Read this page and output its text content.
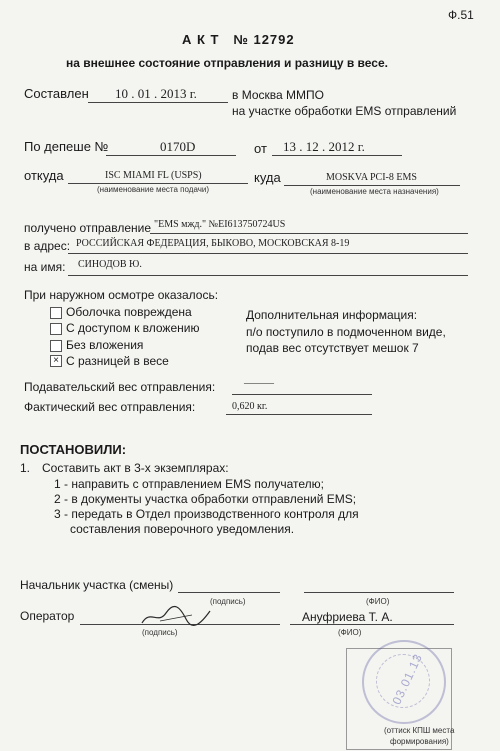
Ф.51
А К Т № 12792
на внешнее состояние отправления и разницу в весе.
Составлен 10 . 01 . 2013 г.	в Москва ММПО
на участке обработки EMS отправлений
По депеше №	0170D	от 13 . 12 . 2012 г.
откуда	ISC MIAMI FL (USPS)
(наименование места подачи)
куда	MOSKVA PCI-8 EMS
(наименование места назначения)
получено отправление "EMS мжд." №EI613750724US
в адрес: РОССИЙСКАЯ ФЕДЕРАЦИЯ, БЫКОВО, МОСКОВСКАЯ 8-19
на имя: СИНОДОВ Ю.
При наружном осмотре оказалось:
Оболочка повреждена
С доступом к вложению
Без вложения
× С разницей в весе
Дополнительная информация:
п/о поступило в подмоченном виде,
подав вес отсутствует мешок 7
Подавательский вес отправления:	———
Фактический вес отправления:	0,620 кг.
ПОСТАНОВИЛИ:
1. Составить акт в 3-х экземплярах:
1 - направить с отправлением EMS получателю;
2 - в документы участка обработки отправлений EMS;
3 - передать в Отдел производственного контроля для
составления поверочного уведомления.
Начальник участка (смены)
(подпись)	(ФИО)
Оператор
(подпись)
Ануфриева Т. А.
(ФИО)
03.01.13
(оттиск КПШ места
формирования)
